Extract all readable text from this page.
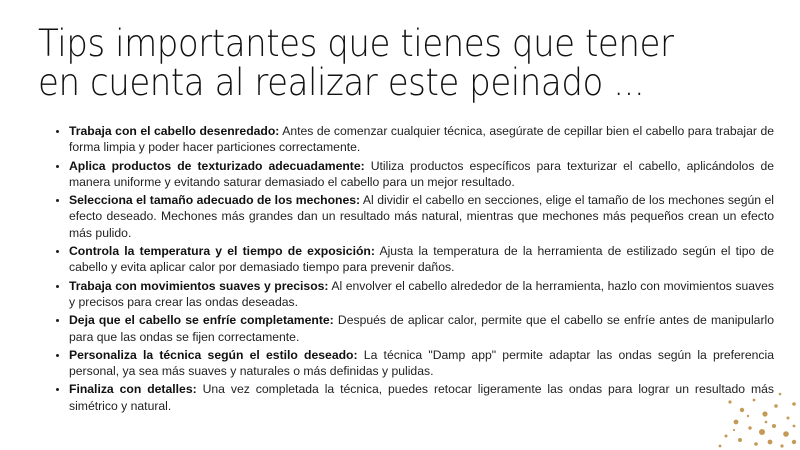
Tips importantes que tienes que tener en cuenta al realizar este peinado ...
• Trabaja con el cabello desenredado: Antes de comenzar cualquier técnica, asegúrate de cepillar bien el cabello para trabajar de forma limpia y poder hacer particiones correctamente.
• Aplica productos de texturizado adecuadamente: Utiliza productos específicos para texturizar el cabello, aplicándolos de manera uniforme y evitando saturar demasiado el cabello para un mejor resultado.
• Selecciona el tamaño adecuado de los mechones: Al dividir el cabello en secciones, elige el tamaño de los mechones según el efecto deseado. Mechones más grandes dan un resultado más natural, mientras que mechones más pequeños crean un efecto más pulido.
• Controla la temperatura y el tiempo de exposición: Ajusta la temperatura de la herramienta de estilizado según el tipo de cabello y evita aplicar calor por demasiado tiempo para prevenir daños.
• Trabaja con movimientos suaves y precisos: Al envolver el cabello alrededor de la herramienta, hazlo con movimientos suaves y precisos para crear las ondas deseadas.
• Deja que el cabello se enfríe completamente: Después de aplicar calor, permite que el cabello se enfríe antes de manipularlo para que las ondas se fijen correctamente.
• Personaliza la técnica según el estilo deseado: La técnica "Damp app" permite adaptar las ondas según la preferencia personal, ya sea más suaves y naturales o más definidas y pulidas.
• Finaliza con detalles: Una vez completada la técnica, puedes retocar ligeramente las ondas para lograr un resultado más simétrico y natural.
